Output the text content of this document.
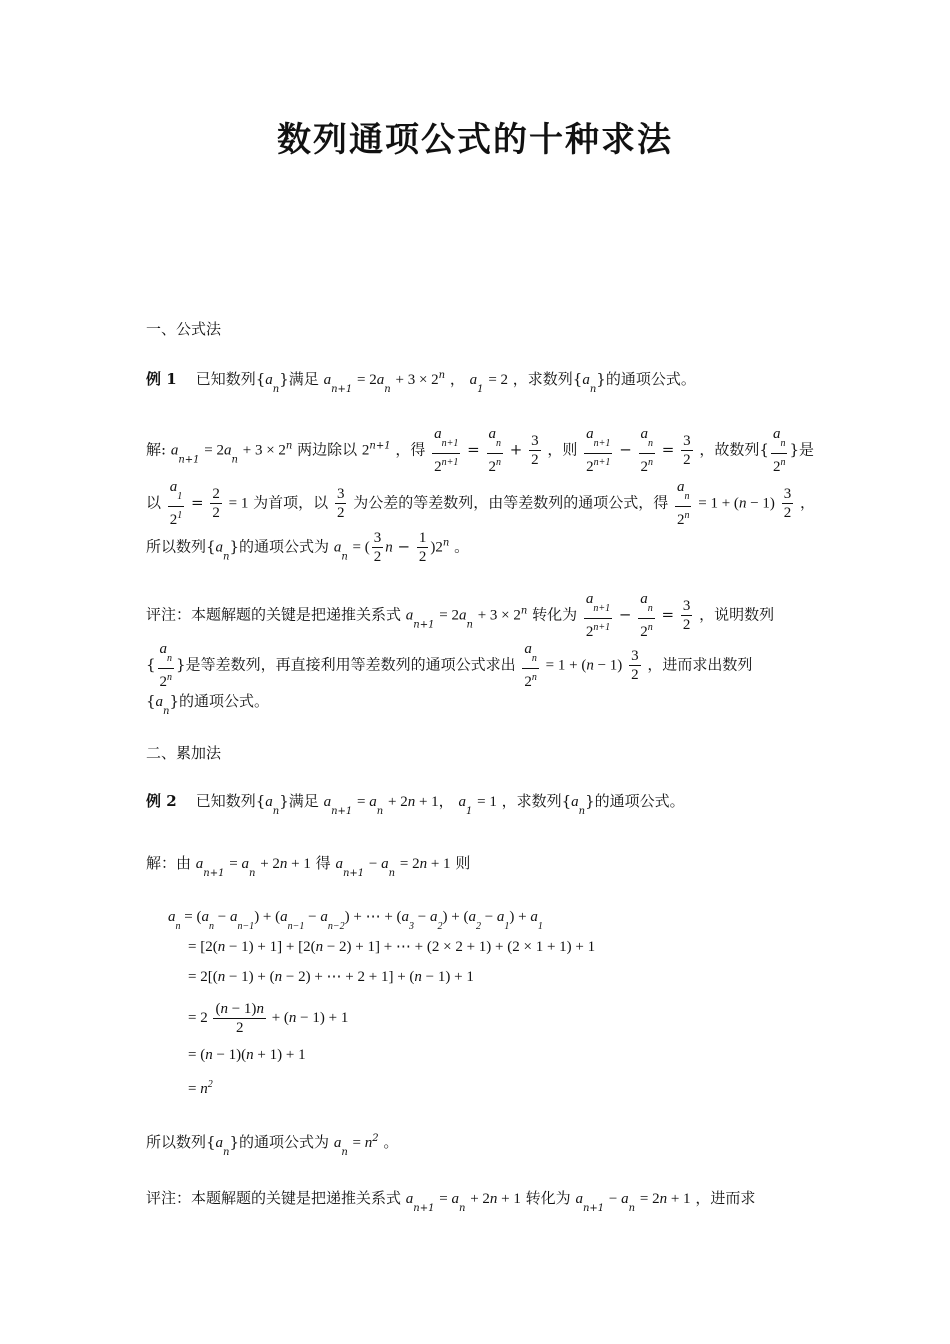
数列通项公式的十种求法
一、公式法
例 1 已知数列$\{a_n\}$满足 $a_{n+1} = 2a_n + 3 \times 2^n$ ， $a_1 = 2$ ，求数列$\{a_n\}$的通项公式。
解: $a_{n+1} = 2a_n + 3 \times 2^n$ 两边除以 $2^{n+1}$ ，得 $\frac{a_{n+1}}{2^{n+1}} = \frac{a_n}{2^n} + \frac{3}{2}$ ，则 $\frac{a_{n+1}}{2^{n+1}} - \frac{a_n}{2^n} = \frac{3}{2}$ ，故数列{ $\frac{a_n}{2^n}$ }是
以 $\frac{a_1}{2^1} = \frac{2}{2} = 1$ 为首项，以 $\frac{3}{2}$ 为公差的等差数列，由等差数列的通项公式，得 $\frac{a_n}{2^n} = 1 + (n - 1) \frac{3}{2}$ ，
所以数列$\{a_n\}$的通项公式为 $a_n$ = ( $\frac{3}{2}$ $n - \frac{1}{2} )2^n$ 。
评注：本题解题的关键是把递推关系式 $a_{n+1} = 2a_n + 3 \times 2^n$ 转化为 $\frac{a_{n+1}}{2^{n+1}} - \frac{a_n}{2^n} = \frac{3}{2}$ ，说明数列
{ $\frac{a_n}{2^n}$ }是等差数列，再直接利用等差数列的通项公式求出 $\frac{a_n}{2^n} = 1 + (n - 1) \frac{3}{2}$ ，进而求出数列
$\{a_n\}$的通项公式。
二、累加法
例 2 已知数列$\{a_n\}$满足 $a_{n+1} = a_n + 2n + 1$， $a_1 = 1$ ，求数列$\{a_n\}$的通项公式。
解：由 $a_{n+1} = a_n + 2n + 1$ 得 $a_{n+1} - a_n = 2n + 1$ 则
$a_n = (a_n - a_{n-1}) + (a_{n-1} - a_{n-2})$ + ⋯ + $(a_3 - a_2) + (a_2 - a_1) + a_1$
= [2(n − 1) + 1] + [2(n − 2) + 1] + ⋯ + (2 × 2 + 1) + (2 × 1 + 1) + 1
= 2[(n − 1) + (n − 2) + ⋯ + 2 + 1] + (n − 1) + 1
= $2 \frac{(n - 1)n}{2} + (n - 1) + 1$
= (n − 1)(n + 1) + 1
= $n^2$
所以数列$\{a_n\}$的通项公式为 $a_n = n^2$ 。
评注：本题解题的关键是把递推关系式 $a_{n+1} = a_n + 2n + 1$ 转化为 $a_{n+1} - a_n = 2n + 1$ ，进而求
